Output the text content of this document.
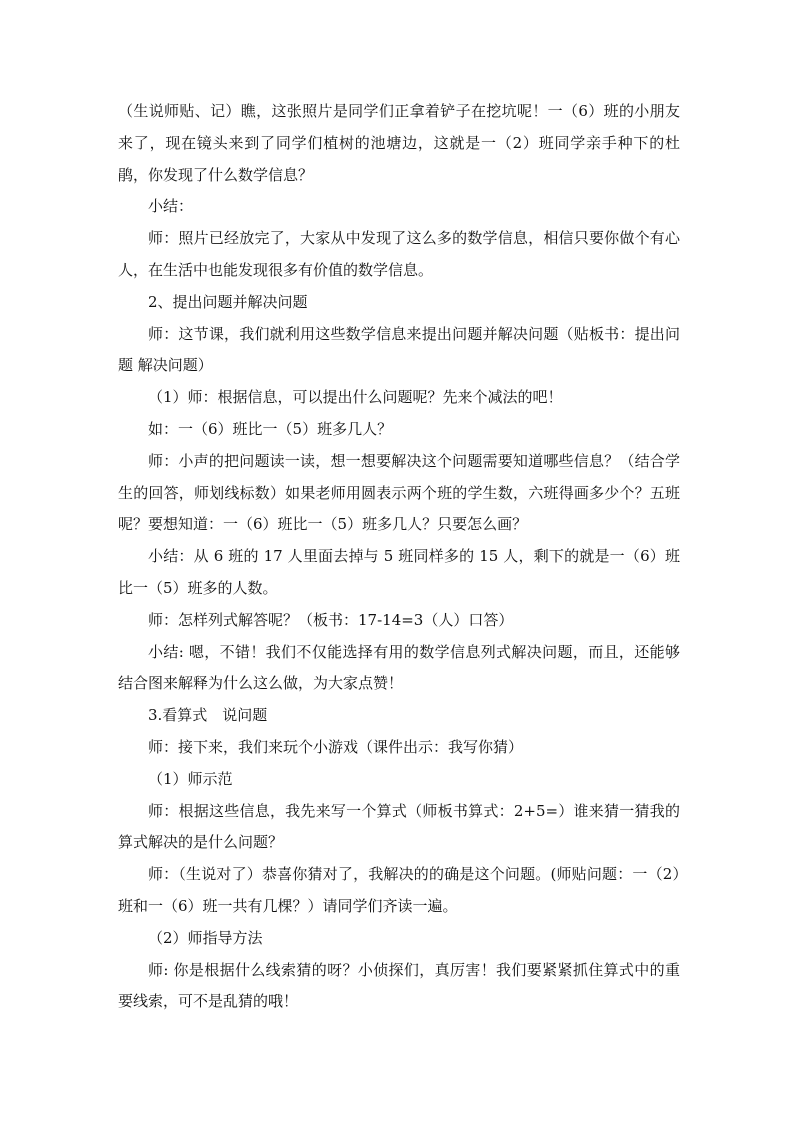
（生说师贴、记）瞧，这张照片是同学们正拿着铲子在挖坑呢！一（6）班的小朋友来了，现在镜头来到了同学们植树的池塘边，这就是一（2）班同学亲手种下的杜鹃，你发现了什么数学信息？

小结：

师：照片已经放完了，大家从中发现了这么多的数学信息，相信只要你做个有心人，在生活中也能发现很多有价值的数学信息。

2、提出问题并解决问题

师：这节课，我们就利用这些数学信息来提出问题并解决问题（贴板书：提出问题 解决问题）

（1）师：根据信息，可以提出什么问题呢？先来个减法的吧！

如：一（6）班比一（5）班多几人？

师：小声的把问题读一读，想一想要解决这个问题需要知道哪些信息？（结合学生的回答，师划线标数）如果老师用圆表示两个班的学生数，六班得画多少个？五班呢？要想知道：一（6）班比一（5）班多几人？只要怎么画？

小结：从 6 班的 17 人里面去掉与 5 班同样多的 15 人，剩下的就是一（6）班比一（5）班多的人数。

师：怎样列式解答呢？（板书：17-14=3（人）口答）

小结: 嗯，不错！我们不仅能选择有用的数学信息列式解决问题，而且，还能够结合图来解释为什么这么做，为大家点赞！

3.看算式　说问题

师：接下来，我们来玩个小游戏（课件出示：我写你猜）

（1）师示范

师：根据这些信息，我先来写一个算式（师板书算式：2+5=）谁来猜一猜我的算式解决的是什么问题？

师：（生说对了）恭喜你猜对了，我解决的的确是这个问题。(师贴问题：一（2）班和一（6）班一共有几棵？）请同学们齐读一遍。

（2）师指导方法

师: 你是根据什么线索猜的呀？小侦探们，真厉害！我们要紧紧抓住算式中的重要线索，可不是乱猜的哦！
